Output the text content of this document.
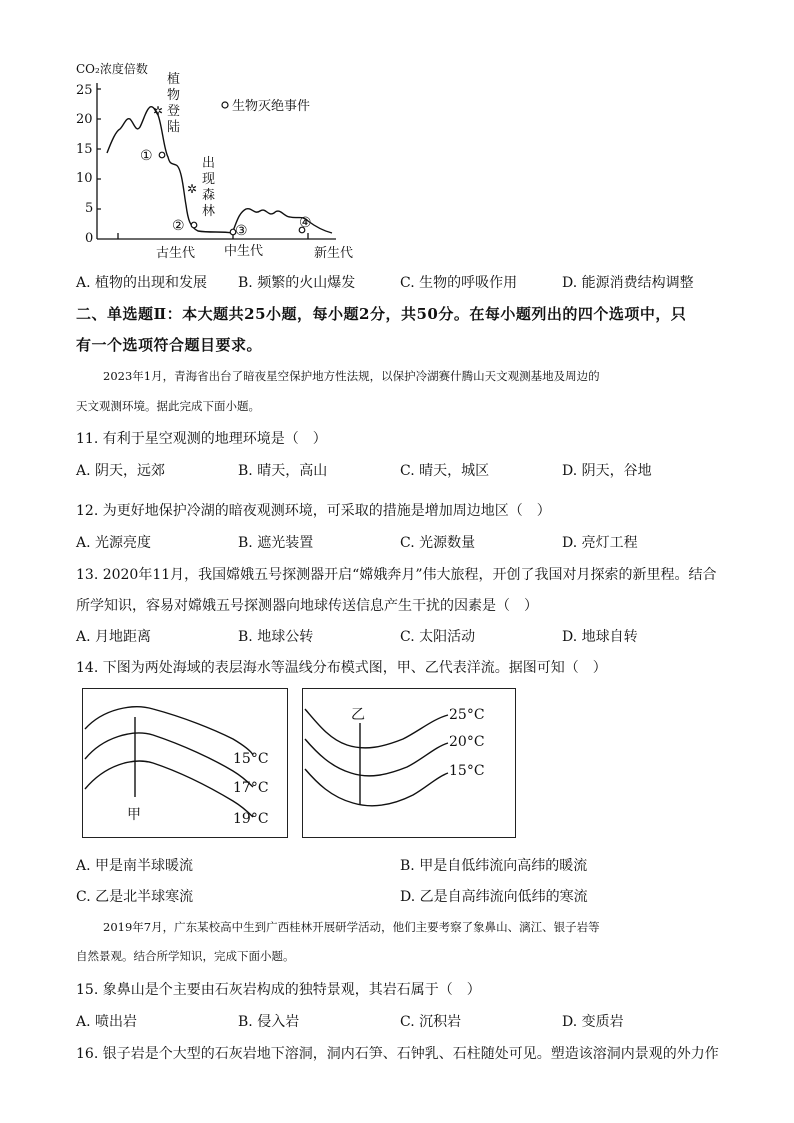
CO₂浓度倍数
25
20
15
10
5
0
✲
✲
①
②	③	④
植
物
登
陆
出
现
森
林
生物灭绝事件
古生代 中生代	新生代
A. 植物的出现和发展 B. 频繁的火山爆发	C. 生物的呼吸作用	D. 能源消费结构调整
二、单选题Ⅱ：本大题共25小题，每小题2分，共50分。在每小题列出的四个选项中，只
有一个选项符合题目要求。
2023年1月，青海省出台了暗夜星空保护地方性法规，以保护冷湖赛什腾山天文观测基地及周边的
天文观测环境。据此完成下面小题。
11. 有利于星空观测的地理环境是（　）
A. 阴天，远郊	B. 晴天，高山	C. 晴天，城区	D. 阴天，谷地
12. 为更好地保护冷湖的暗夜观测环境，可采取的措施是增加周边地区（　）
A. 光源亮度	B. 遮光装置	C. 光源数量	D. 亮灯工程
13. 2020年11月，我国嫦娥五号探测器开启“嫦娥奔月”伟大旅程，开创了我国对月探索的新里程。结合
所学知识，容易对嫦娥五号探测器向地球传送信息产生干扰的因素是（　）
A. 月地距离	B. 地球公转	C. 太阳活动	D. 地球自转
14. 下图为两处海域的表层海水等温线分布模式图，甲、乙代表洋流。据图可知（　）
甲
15°C
17°C
19°C
乙	25°C
20°C
15°C
A. 甲是南半球暖流	B. 甲是自低纬流向高纬的暖流
C. 乙是北半球寒流	D. 乙是自高纬流向低纬的寒流
2019年7月，广东某校高中生到广西桂林开展研学活动，他们主要考察了象鼻山、漓江、银子岩等
自然景观。结合所学知识，完成下面小题。
15. 象鼻山是个主要由石灰岩构成的独特景观，其岩石属于（　）
A. 喷出岩	B. 侵入岩	C. 沉积岩	D. 变质岩
16. 银子岩是个大型的石灰岩地下溶洞，洞内石笋、石钟乳、石柱随处可见。塑造该溶洞内景观的外力作
